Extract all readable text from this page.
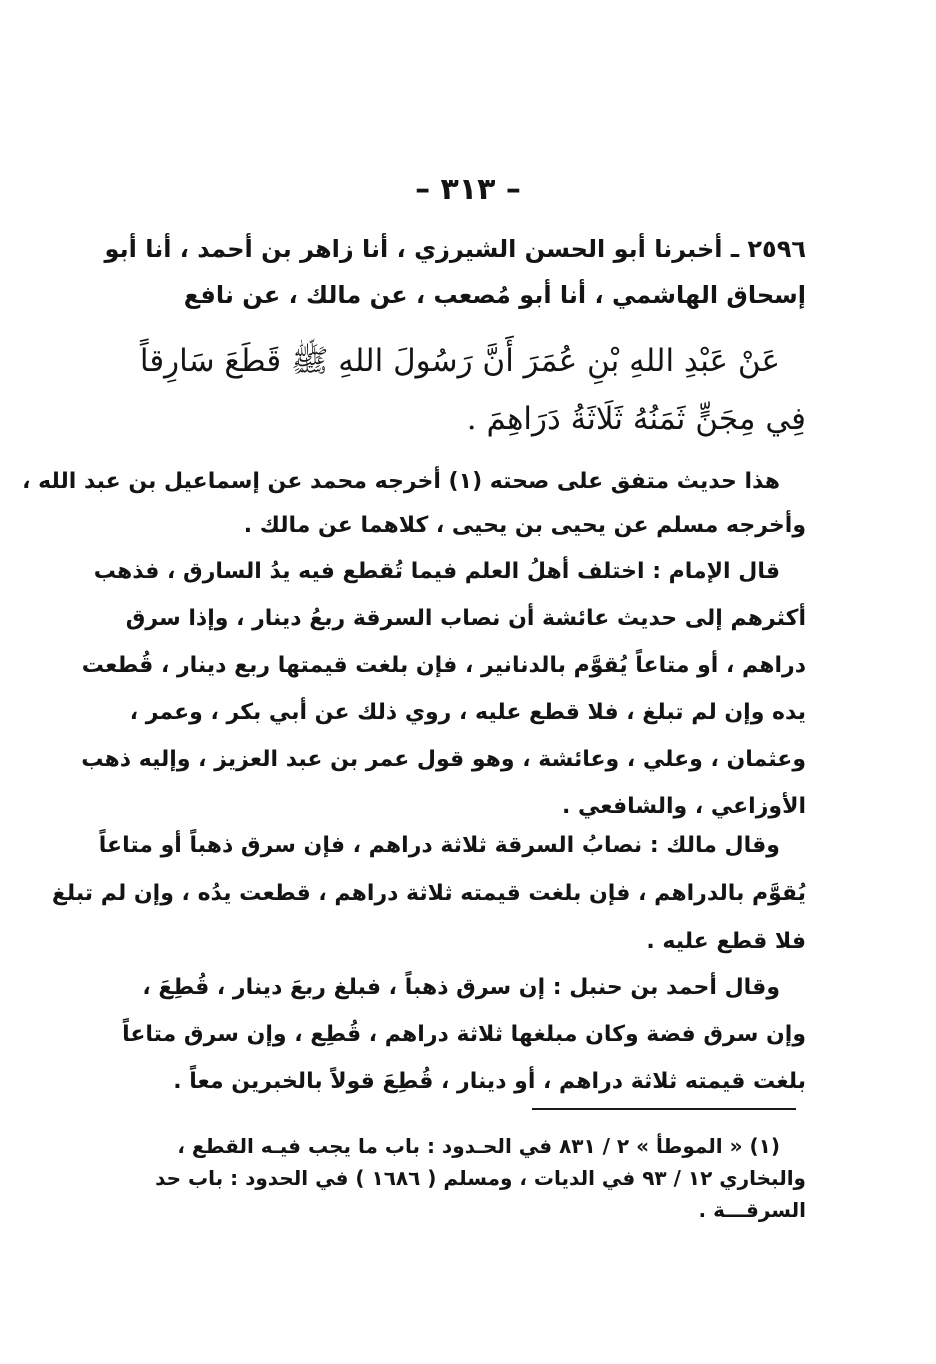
– ٣١٣ –

٢٥٩٦ ـ أخبرنا أبو الحسن الشيرزي ، أنا زاهر بن أحمد ، أنا أبو

إسحاق الهاشمي ، أنا أبو مُصعب ، عن مالك ، عن نافع

عَنْ عَبْدِ اللهِ بْنِ عُمَرَ أَنَّ رَسُولَ اللهِ ﷺ قَطَعَ سَارِقاً

فِي مِجَنٍّ ثَمَنُهُ ثَلَاثَةُ دَرَاهِمَ .

هذا حديث متفق على صحته (١) أخرجه محمد عن إسماعيل بن عبد الله ،

وأخرجه مسلم عن يحيى بن يحيى ، كلاهما عن مالك .

قال الإمام : اختلف أهلُ العلم فيما تُقطع فيه يدُ السارق ، فذهب

أكثرهم إلى حديث عائشة أن نصاب السرقة ربعُ دينار ، وإذا سرق

دراهم ، أو متاعاً يُقوَّم بالدنانير ، فإن بلغت قيمتها ربع دينار ، قُطعت

يده وإن لم تبلغ ، فلا قطع عليه ، روي ذلك عن أبي بكر ، وعمر ،

وعثمان ، وعلي ، وعائشة ، وهو قول عمر بن عبد العزيز ، وإليه ذهب

الأوزاعي ، والشافعي .

وقال مالك : نصابُ السرقة ثلاثة دراهم ، فإن سرق ذهباً أو متاعاً

يُقوَّم بالدراهم ، فإن بلغت قيمته ثلاثة دراهم ، قطعت يدُه ، وإن لم تبلغ

فلا قطع عليه .

وقال أحمد بن حنبل : إن سرق ذهباً ، فبلغ ربعَ دينار ، قُطِعَ ،

وإن سرق فضة وكان مبلغها ثلاثة دراهم ، قُطِع ، وإن سرق متاعاً

بلغت قيمته ثلاثة دراهم ، أو دينار ، قُطِعَ قولاً بالخبرين معاً .

(١) « الموطأ » ٢ / ٨٣١ في الحـدود : باب ما يجب فيـه القطع ،

والبخاري ١٢ / ٩٣ في الديات ، ومسلم ( ١٦٨٦ ) في الحدود : باب حد

السرقـــة .
